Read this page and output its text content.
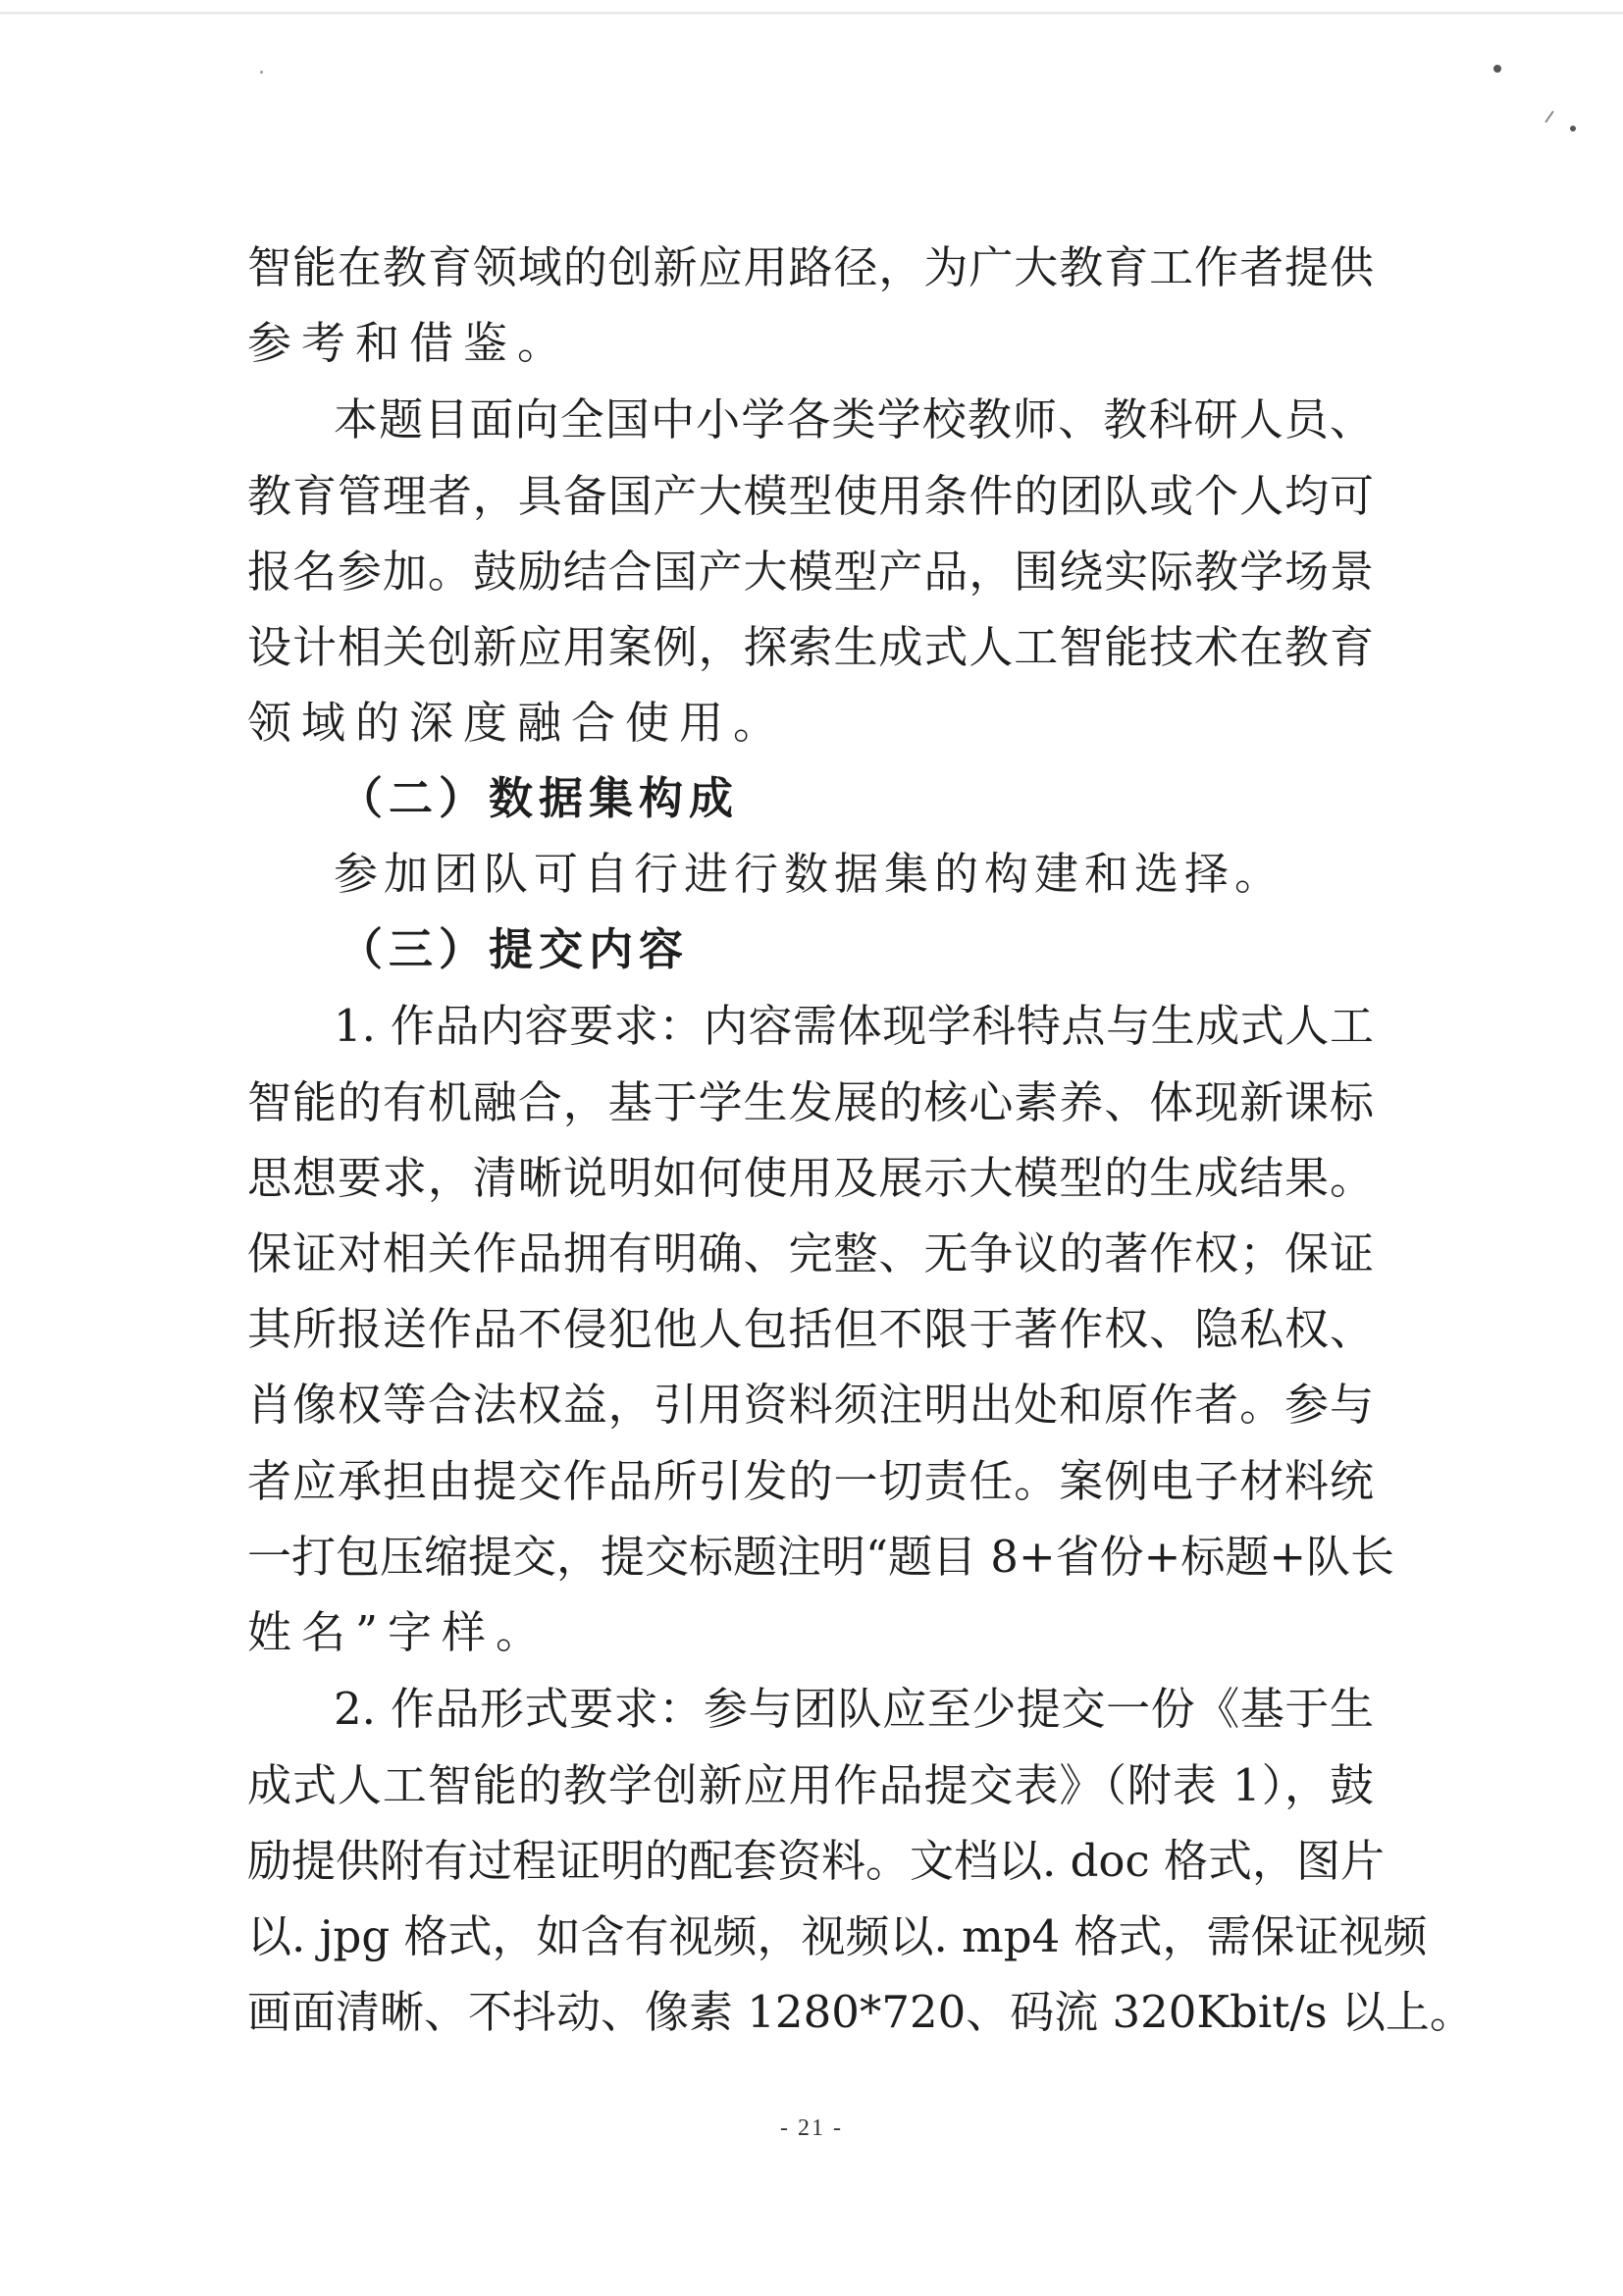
智能在教育领域的创新应用路径，为广大教育工作者提供
参考和借鉴。
本题目面向全国中小学各类学校教师、教科研人员、
教育管理者，具备国产大模型使用条件的团队或个人均可
报名参加。鼓励结合国产大模型产品，围绕实际教学场景
设计相关创新应用案例，探索生成式人工智能技术在教育
领域的深度融合使用。
（二）数据集构成
参加团队可自行进行数据集的构建和选择。
（三）提交内容
1. 作品内容要求：内容需体现学科特点与生成式人工
智能的有机融合，基于学生发展的核心素养、体现新课标
思想要求，清晰说明如何使用及展示大模型的生成结果。
保证对相关作品拥有明确、完整、无争议的著作权；保证
其所报送作品不侵犯他人包括但不限于著作权、隐私权、
肖像权等合法权益，引用资料须注明出处和原作者。参与
者应承担由提交作品所引发的一切责任。案例电子材料统
一打包压缩提交，提交标题注明“题目 8+省份+标题+队长
姓名”字样。
2. 作品形式要求：参与团队应至少提交一份《基于生
成式人工智能的教学创新应用作品提交表》（附表 1），鼓
励提供附有过程证明的配套资料。文档以. doc 格式，图片
以. jpg 格式，如含有视频，视频以. mp4 格式，需保证视频
画面清晰、不抖动、像素 1280*720、码流 320Kbit/s 以上。
- 21 -
